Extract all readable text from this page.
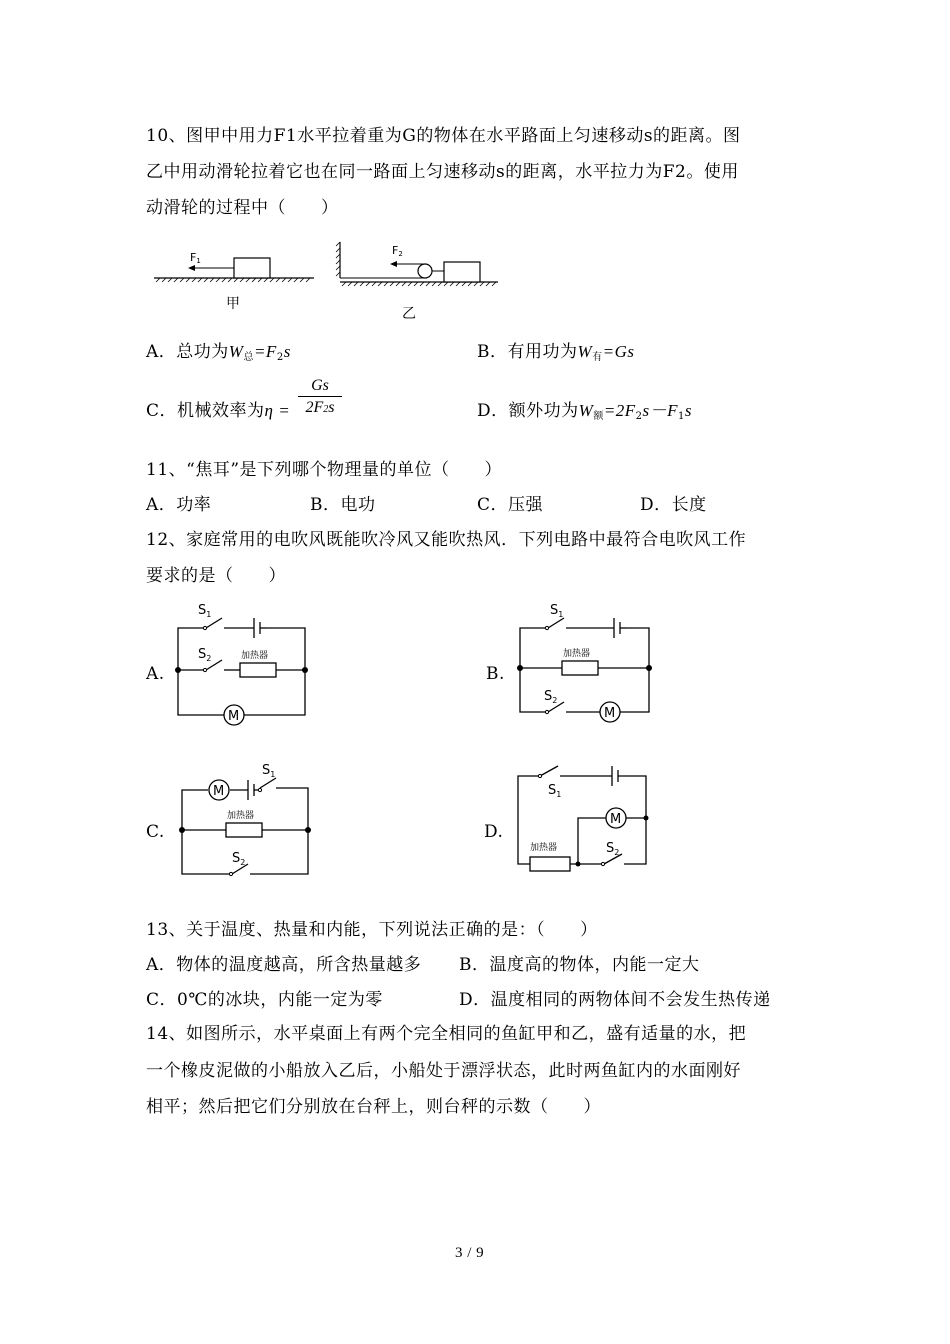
10、图甲中用力F1水平拉着重为G的物体在水平路面上匀速移动s的距离。图
乙中用动滑轮拉着它也在同一路面上匀速移动s的距离，水平拉力为F2。使用
动滑轮的过程中（　　）
F1
甲
F2
乙
A．总功为W总=F2s	B．有用功为W有=Gs
C．机械效率为$\eta = \frac{Gs}{2F2s}$	D．额外功为W额=2F2s－F1s
11、“焦耳”是下列哪个物理量的单位（　　）
A．功率	B．电功	C．压强	D．长度
12、家庭常用的电吹风既能吹冷风又能吹热风．下列电路中最符合电吹风工作
要求的是（　　）
A.	B.
C.	D.
$S_1$
$S_2$	加热器
M
$S_1$
$S_2$
加热器
M
$S_1$
$S_2$
加热器
M	$S_1$
$S_2$
加热器
M
13、关于温度、热量和内能，下列说法正确的是：（　　）
A．物体的温度越高，所含热量越多 B．温度高的物体，内能一定大
C．0℃的冰块，内能一定为零	D．温度相同的两物体间不会发生热传递
14、如图所示，水平桌面上有两个完全相同的鱼缸甲和乙，盛有适量的水，把
一个橡皮泥做的小船放入乙后，小船处于漂浮状态，此时两鱼缸内的水面刚好
相平；然后把它们分别放在台秤上，则台秤的示数（　　）
3 / 9
